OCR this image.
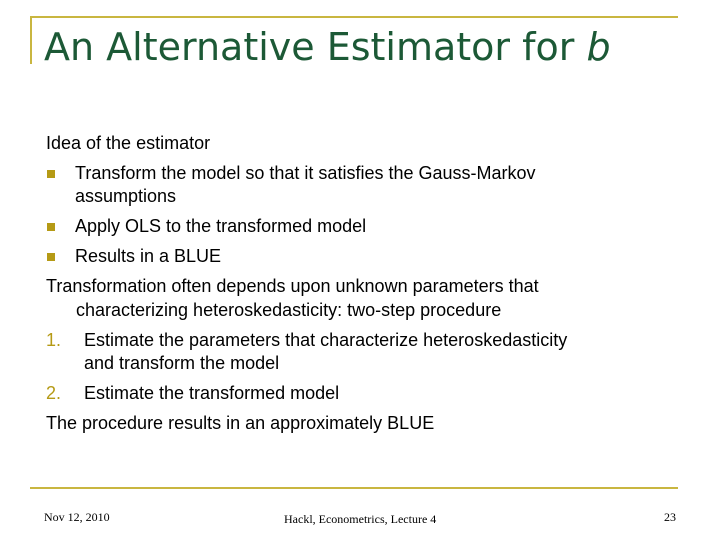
An Alternative Estimator for b
Idea of the estimator
Transform the model so that it satisfies the Gauss-Markov
assumptions
Apply OLS to the transformed model
Results in a BLUE
Transformation often depends upon unknown parameters that
characterizing heteroskedasticity: two-step procedure
1. Estimate the parameters that characterize heteroskedasticity
and transform the model
2. Estimate the transformed model
The procedure results in an approximately BLUE
Nov 12, 2010	Hackl, Econometrics, Lecture 4	23
